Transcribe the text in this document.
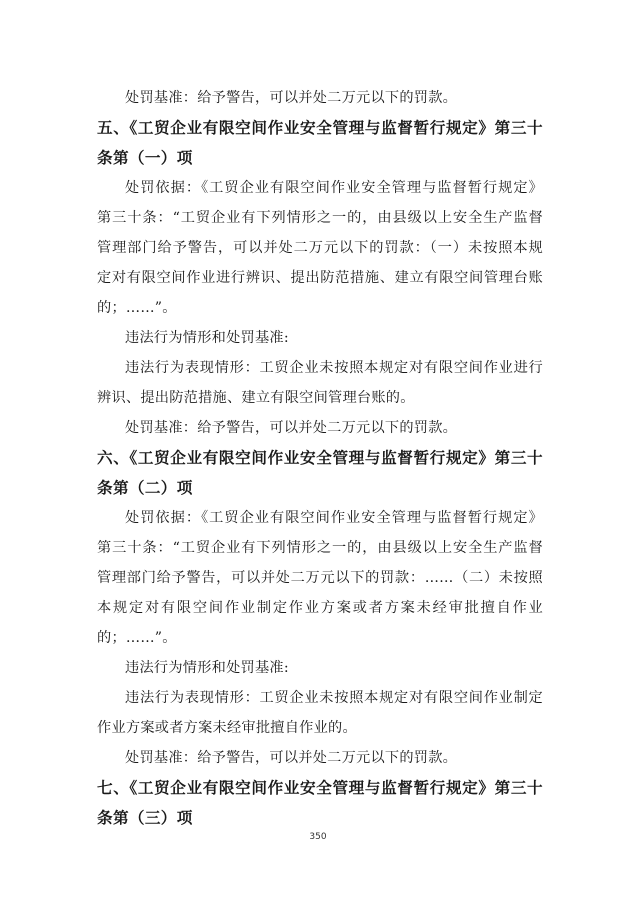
处罚基准：给予警告，可以并处二万元以下的罚款。
五、《工贸企业有限空间作业安全管理与监督暂行规定》第三十
条第（一）项
处罚依据：《工贸企业有限空间作业安全管理与监督暂行规定》
第三十条：“工贸企业有下列情形之一的，由县级以上安全生产监督
管理部门给予警告，可以并处二万元以下的罚款：（一）未按照本规
定对有限空间作业进行辨识、提出防范措施、建立有限空间管理台账
的；……”。
违法行为情形和处罚基准:
违法行为表现情形：工贸企业未按照本规定对有限空间作业进行
辨识、提出防范措施、建立有限空间管理台账的。
处罚基准：给予警告，可以并处二万元以下的罚款。
六、《工贸企业有限空间作业安全管理与监督暂行规定》第三十
条第（二）项
处罚依据：《工贸企业有限空间作业安全管理与监督暂行规定》
第三十条：“工贸企业有下列情形之一的，由县级以上安全生产监督
管理部门给予警告，可以并处二万元以下的罚款：……（二）未按照
本规定对有限空间作业制定作业方案或者方案未经审批擅自作业
的；……”。
违法行为情形和处罚基准:
违法行为表现情形：工贸企业未按照本规定对有限空间作业制定
作业方案或者方案未经审批擅自作业的。
处罚基准：给予警告，可以并处二万元以下的罚款。
七、《工贸企业有限空间作业安全管理与监督暂行规定》第三十
条第（三）项
350
